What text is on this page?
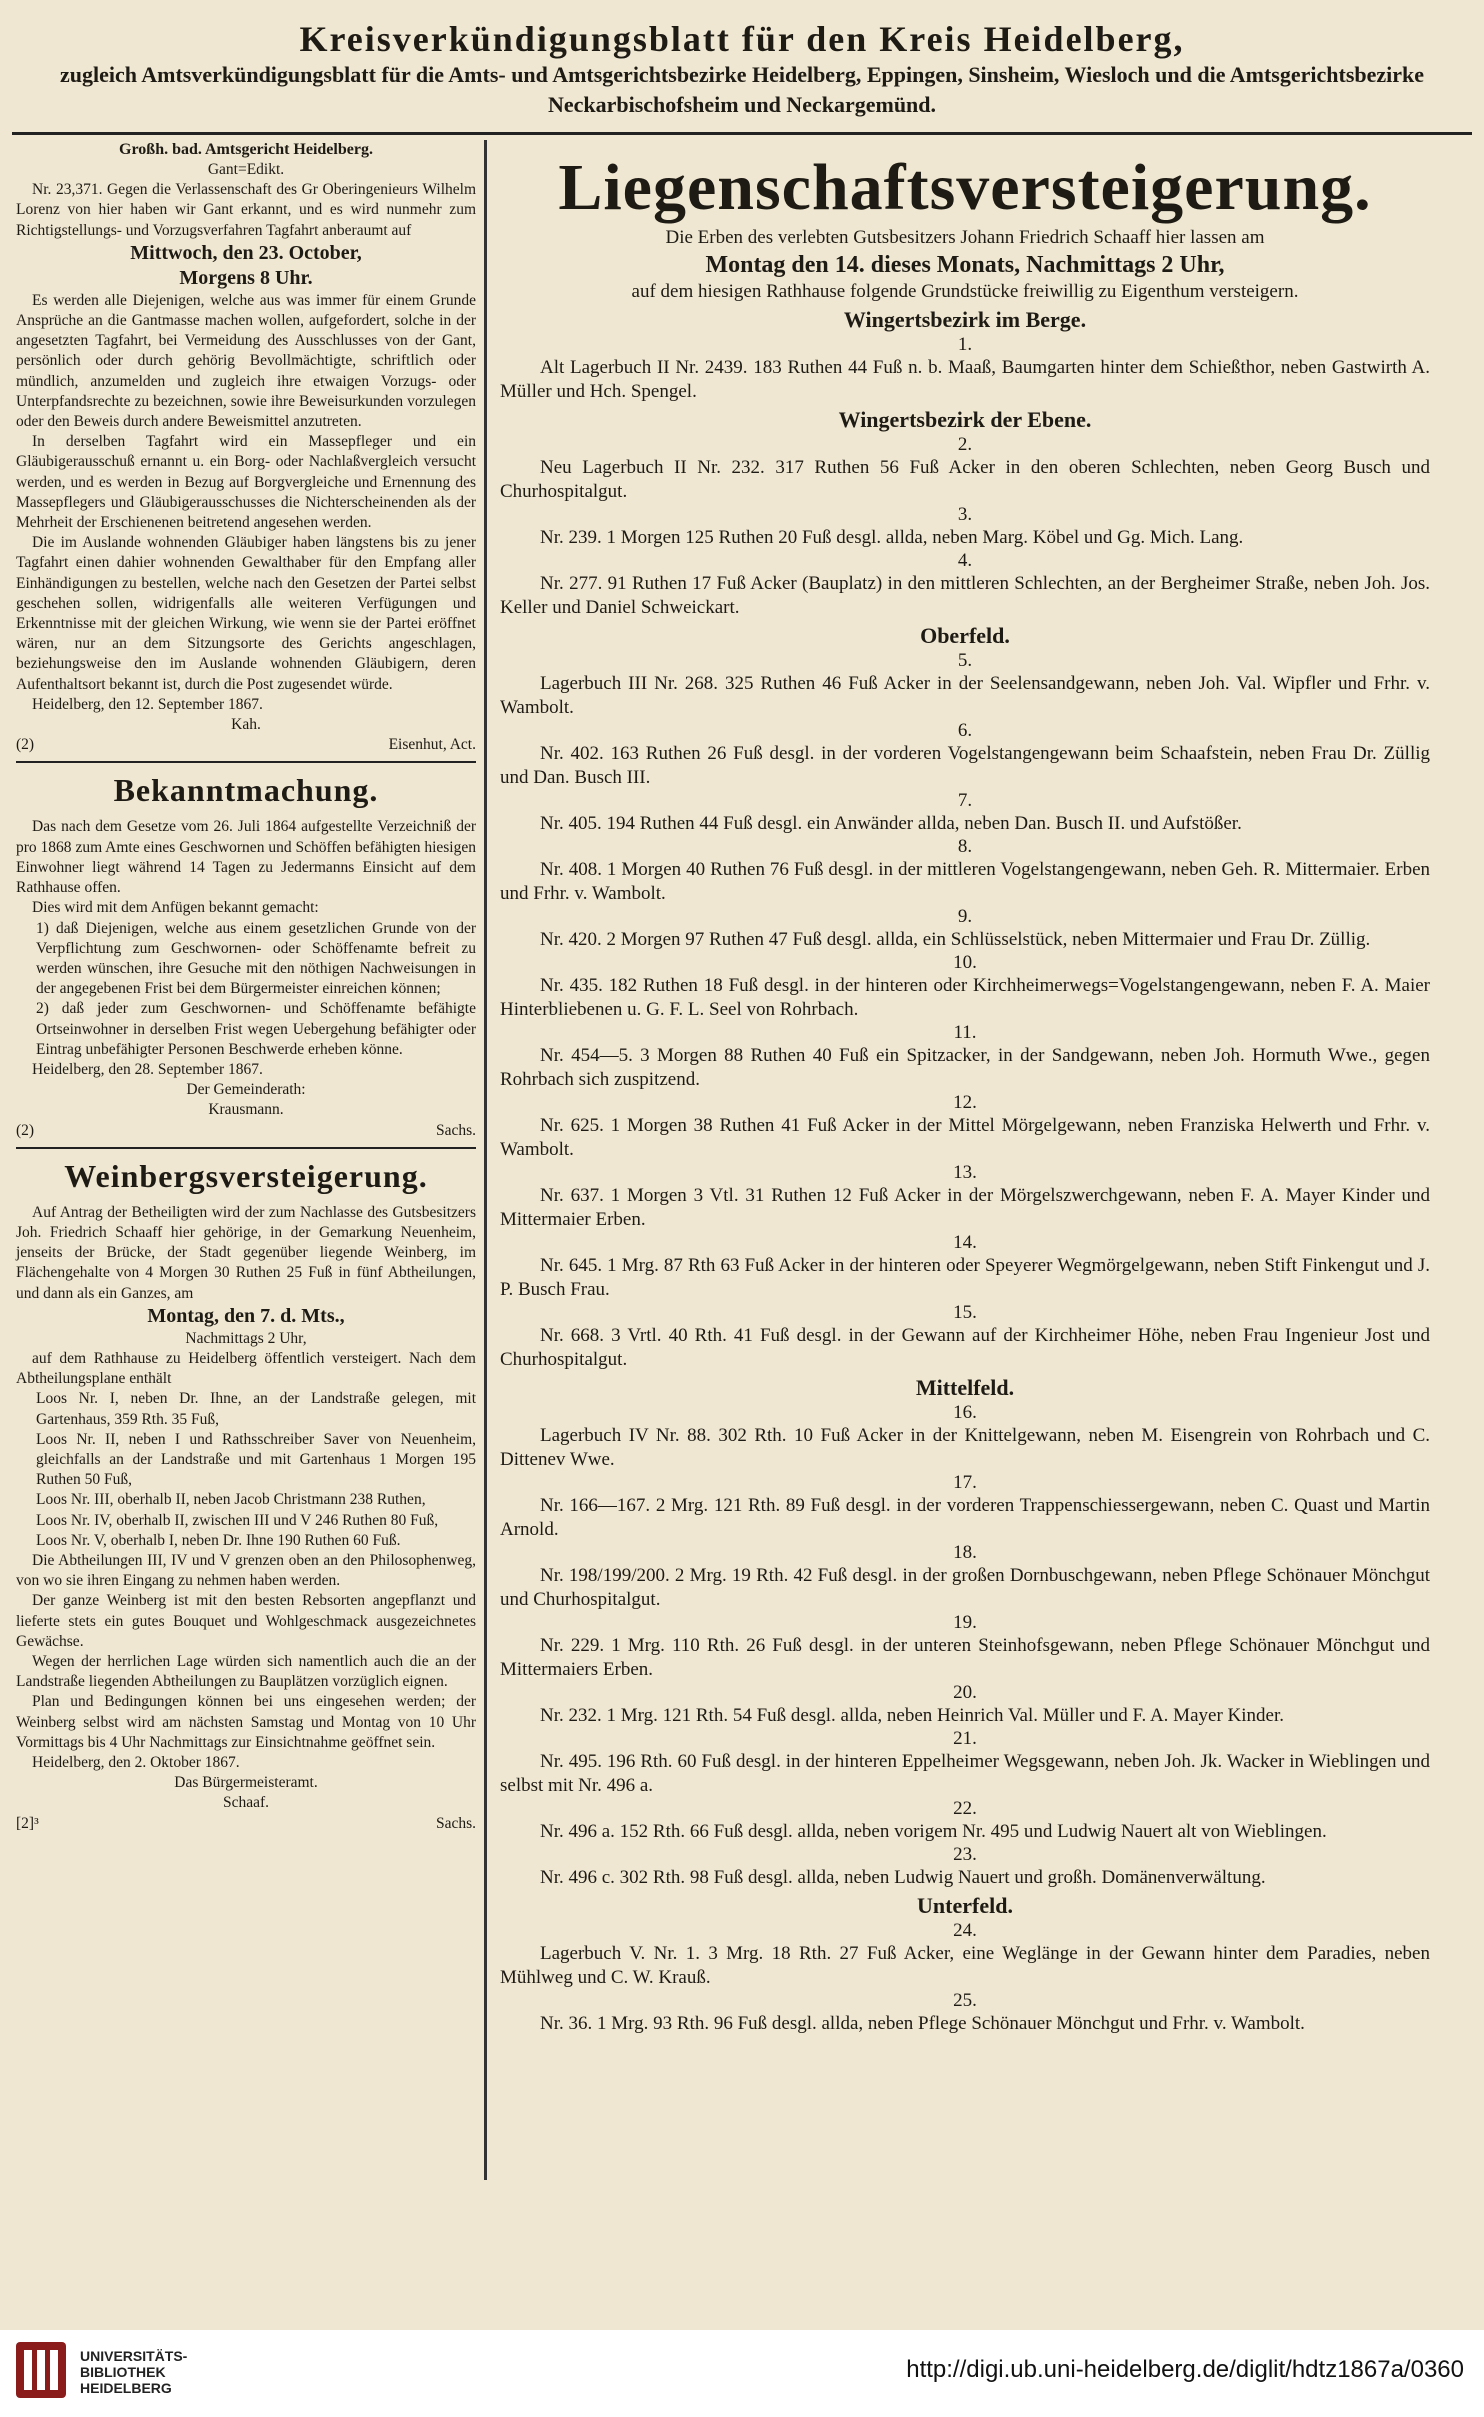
Kreisverkündigungsblatt für den Kreis Heidelberg,
zugleich Amtsverkündigungsblatt für die Amts- und Amtsgerichtsbezirke Heidelberg, Eppingen, Sinsheim, Wiesloch und die Amtsgerichtsbezirke Neckarbischofsheim und Neckargemünd.
Großh. bad. Amtsgericht Heidelberg.
Gant=Edikt.

Nr. 23,371. Gegen die Verlassenschaft des Gr Oberingenieurs Wilhelm Lorenz von hier haben wir Gant erkannt, und es wird nunmehr zum Richtigstellungs- und Vorzugsverfahren Tagfahrt anberaumt auf

Mittwoch, den 23. October,
Morgens 8 Uhr.

Es werden alle Diejenigen, welche aus was immer für einem Grunde Ansprüche an die Gantmasse machen wollen, aufgefordert, solche in der angesetzten Tagfahrt, bei Vermeidung des Ausschlusses von der Gant, persönlich oder durch gehörig Bevollmächtigte, schriftlich oder mündlich, anzumelden und zugleich ihre etwaigen Vorzugs- oder Unterpfandsrechte zu bezeichnen, sowie ihre Beweisurkunden vorzulegen oder den Beweis durch andere Beweismittel anzutreten.

In derselben Tagfahrt wird ein Massepfleger und ein Gläubigerausschuß ernannt u. ein Borg- oder Nachlaßvergleich versucht werden, und es werden in Bezug auf Borgvergleiche und Ernennung des Massepflegers und Gläubigerausschusses die Nichterscheinenden als der Mehrheit der Erschienenen beitretend angesehen werden.

Die im Auslande wohnenden Gläubiger haben längstens bis zu jener Tagfahrt einen dahier wohnenden Gewalthaber für den Empfang aller Einhändigungen zu bestellen, welche nach den Gesetzen der Partei selbst geschehen sollen, widrigenfalls alle weiteren Verfügungen und Erkenntnisse mit der gleichen Wirkung, wie wenn sie der Partei eröffnet wären, nur an dem Sitzungsorte des Gerichts angeschlagen, beziehungsweise den im Auslande wohnenden Gläubigern, deren Aufenthaltsort bekannt ist, durch die Post zugesendet würde.

Heidelberg, den 12. September 1867.
Kah.
(2)	Eisenhut, Act.
Bekanntmachung.

Das nach dem Gesetze vom 26. Juli 1864 aufgestellte Verzeichniß der pro 1868 zum Amte eines Geschwornen und Schöffen befähigten hiesigen Einwohner liegt während 14 Tagen zu Jedermanns Einsicht auf dem Rathhause offen.

Dies wird mit dem Anfügen bekannt gemacht:

1) daß Diejenigen, welche aus einem gesetzlichen Grunde von der Verpflichtung zum Geschwornen- oder Schöffenamte befreit zu werden wünschen, ihre Gesuche mit den nöthigen Nachweisungen in der angegebenen Frist bei dem Bürgermeister einreichen können;
2) daß jeder zum Geschwornen- und Schöffenamte befähigte Ortseinwohner in derselben Frist wegen Uebergehung befähigter oder Eintrag unbefähigter Personen Beschwerde erheben könne.
Heidelberg, den 28. September 1867.
Der Gemeinderath:
Krausmann.
(2)	Sachs.
Weinbergsversteigerung.

Auf Antrag der Betheiligten wird der zum Nachlasse des Gutsbesitzers Joh. Friedrich Schaaff hier gehörige, in der Gemarkung Neuenheim, jenseits der Brücke, der Stadt gegenüber liegende Weinberg, im Flächengehalte von 4 Morgen 30 Ruthen 25 Fuß in fünf Abtheilungen, und dann als ein Ganzes, am

Montag, den 7. d. Mts.,
Nachmittags 2 Uhr,

auf dem Rathhause zu Heidelberg öffentlich versteigert. Nach dem Abtheilungsplane enthält

Loos Nr. I, neben Dr. Ihne, an der Landstraße gelegen, mit Gartenhaus, 359 Rth. 35 Fuß,
Loos Nr. II, neben I und Rathsschreiber Saver von Neuenheim, gleichfalls an der Landstraße und mit Gartenhaus 1 Morgen 195 Ruthen 50 Fuß,
Loos Nr. III, oberhalb II, neben Jacob Christmann 238 Ruthen,
Loos Nr. IV, oberhalb II, zwischen III und V 246 Ruthen 80 Fuß,
Loos Nr. V, oberhalb I, neben Dr. Ihne 190 Ruthen 60 Fuß.

Die Abtheilungen III, IV und V grenzen oben an den Philosophenweg, von wo sie ihren Eingang zu nehmen haben werden.

Der ganze Weinberg ist mit den besten Rebsorten angepflanzt und lieferte stets ein gutes Bouquet und Wohlgeschmack ausgezeichnetes Gewächse.

Wegen der herrlichen Lage würden sich namentlich auch die an der Landstraße liegenden Abtheilungen zu Bauplätzen vorzüglich eignen.

Plan und Bedingungen können bei uns eingesehen werden; der Weinberg selbst wird am nächsten Samstag und Montag von 10 Uhr Vormittags bis 4 Uhr Nachmittags zur Einsichtnahme geöffnet sein.

Heidelberg, den 2. Oktober 1867.
Das Bürgermeisteramt.
Schaaf.
[2]³	Sachs.
Liegenschaftsversteigerung.
Die Erben des verlebten Gutsbesitzers Johann Friedrich Schaaff hier lassen am
Montag den 14. dieses Monats, Nachmittags 2 Uhr,
auf dem hiesigen Rathhause folgende Grundstücke freiwillig zu Eigenthum versteigern.
Wingertsbezirk im Berge.
1.

Alt Lagerbuch II Nr. 2439. 183 Ruthen 44 Fuß n. b. Maaß, Baumgarten hinter dem Schießthor, neben Gastwirth A. Müller und Hch. Spengel.

Wingertsbezirk der Ebene.
2.

Neu Lagerbuch II Nr. 232. 317 Ruthen 56 Fuß Acker in den oberen Schlechten, neben Georg Busch und Churhospitalgut.

3.

Nr. 239. 1 Morgen 125 Ruthen 20 Fuß desgl. allda, neben Marg. Köbel und Gg. Mich. Lang.

4.

Nr. 277. 91 Ruthen 17 Fuß Acker (Bauplatz) in den mittleren Schlechten, an der Bergheimer Straße, neben Joh. Jos. Keller und Daniel Schweickart.

Oberfeld.
5.

Lagerbuch III Nr. 268. 325 Ruthen 46 Fuß Acker in der Seelensandgewann, neben Joh. Val. Wipfler und Frhr. v. Wambolt.

6.

Nr. 402. 163 Ruthen 26 Fuß desgl. in der vorderen Vogelstangengewann beim Schaafstein, neben Frau Dr. Züllig und Dan. Busch III.

7.

Nr. 405. 194 Ruthen 44 Fuß desgl. ein Anwänder allda, neben Dan. Busch II. und Aufstößer.

8.

Nr. 408. 1 Morgen 40 Ruthen 76 Fuß desgl. in der mittleren Vogelstangengewann, neben Geh. R. Mittermaier. Erben und Frhr. v. Wambolt.

9.

Nr. 420. 2 Morgen 97 Ruthen 47 Fuß desgl. allda, ein Schlüsselstück, neben Mittermaier und Frau Dr. Züllig.

10.

Nr. 435. 182 Ruthen 18 Fuß desgl. in der hinteren oder Kirchheimerwegs=Vogelstangengewann, neben F. A. Maier Hinterbliebenen u. G. F. L. Seel von Rohrbach.

11.

Nr. 454—5. 3 Morgen 88 Ruthen 40 Fuß ein Spitzacker, in der Sandgewann, neben Joh. Hormuth Wwe., gegen Rohrbach sich zuspitzend.

12.

Nr. 625. 1 Morgen 38 Ruthen 41 Fuß Acker in der Mittel Mörgelgewann, neben Franziska Helwerth und Frhr. v. Wambolt.

13.

Nr. 637. 1 Morgen 3 Vtl. 31 Ruthen 12 Fuß Acker in der Mörgelszwerchgewann, neben F. A. Mayer Kinder und Mittermaier Erben.

14.

Nr. 645. 1 Mrg. 87 Rth 63 Fuß Acker in der hinteren oder Speyerer Wegmörgelgewann, neben Stift Finkengut und J. P. Busch Frau.

15.

Nr. 668. 3 Vrtl. 40 Rth. 41 Fuß desgl. in der Gewann auf der Kirchheimer Höhe, neben Frau Ingenieur Jost und Churhospitalgut.

Mittelfeld.
16.

Lagerbuch IV Nr. 88. 302 Rth. 10 Fuß Acker in der Knittelgewann, neben M. Eisengrein von Rohrbach und C. Dittenev Wwe.

17.

Nr. 166—167. 2 Mrg. 121 Rth. 89 Fuß desgl. in der vorderen Trappenschiessergewann, neben C. Quast und Martin Arnold.

18.

Nr. 198/199/200. 2 Mrg. 19 Rth. 42 Fuß desgl. in der großen Dornbuschgewann, neben Pflege Schönauer Mönchgut und Churhospitalgut.

19.

Nr. 229. 1 Mrg. 110 Rth. 26 Fuß desgl. in der unteren Steinhofsgewann, neben Pflege Schönauer Mönchgut und Mittermaiers Erben.

20.

Nr. 232. 1 Mrg. 121 Rth. 54 Fuß desgl. allda, neben Heinrich Val. Müller und F. A. Mayer Kinder.

21.

Nr. 495. 196 Rth. 60 Fuß desgl. in der hinteren Eppelheimer Wegsgewann, neben Joh. Jk. Wacker in Wieblingen und selbst mit Nr. 496 a.

22.

Nr. 496 a. 152 Rth. 66 Fuß desgl. allda, neben vorigem Nr. 495 und Ludwig Nauert alt von Wieblingen.

23.

Nr. 496 c. 302 Rth. 98 Fuß desgl. allda, neben Ludwig Nauert und großh. Domänenverwältung.

Unterfeld.
24.

Lagerbuch V. Nr. 1. 3 Mrg. 18 Rth. 27 Fuß Acker, eine Weglänge in der Gewann hinter dem Paradies, neben Mühlweg und C. W. Krauß.

25.

Nr. 36. 1 Mrg. 93 Rth. 96 Fuß desgl. allda, neben Pflege Schönauer Mönchgut und Frhr. v. Wambolt.

UNIVERSITÄTS-
BIBLIOTHEK
HEIDELBERG
http://digi.ub.uni-heidelberg.de/diglit/hdtz1867a/0360
